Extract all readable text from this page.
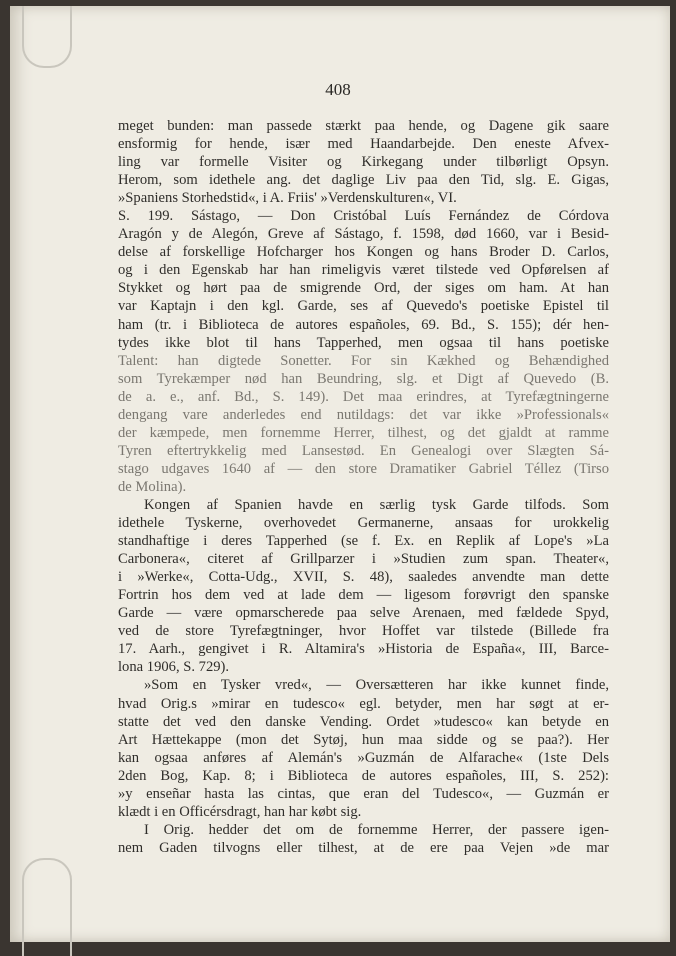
408
meget bunden: man passede stærkt paa hende, og Dagene gik saare
ensformig for hende, især med Haandarbejde. Den eneste Afvex-
ling var formelle Visiter og Kirkegang under tilbørligt Opsyn.
Herom, som idethele ang. det daglige Liv paa den Tid, slg. E. Gigas,
»Spaniens Storhedstid«, i A. Friis' »Verdenskulturen«, VI.
S. 199. Sástago, — Don Cristóbal Luís Fernández de Córdova
Aragón y de Alegón, Greve af Sástago, f. 1598, død 1660, var i Besid-
delse af forskellige Hofcharger hos Kongen og hans Broder D. Carlos,
og i den Egenskab har han rimeligvis været tilstede ved Opførelsen af
Stykket og hørt paa de smigrende Ord, der siges om ham. At han
var Kaptajn i den kgl. Garde, ses af Quevedo's poetiske Epistel til
ham (tr. i Biblioteca de autores españoles, 69. Bd., S. 155); dér hen-
tydes ikke blot til hans Tapperhed, men ogsaa til hans poetiske
Talent: han digtede Sonetter. For sin Kækhed og Behændighed
som Tyrekæmper nød han Beundring, slg. et Digt af Quevedo (B.
de a. e., anf. Bd., S. 149). Det maa erindres, at Tyrefægtningerne
dengang vare anderledes end nutildags: det var ikke »Professionals«
der kæmpede, men fornemme Herrer, tilhest, og det gjaldt at ramme
Tyren eftertrykkelig med Lansestød. En Genealogi over Slægten Sá-
stago udgaves 1640 af — den store Dramatiker Gabriel Téllez (Tirso
de Molina).
Kongen af Spanien havde en særlig tysk Garde tilfods. Som
idethele Tyskerne, overhovedet Germanerne, ansaas for urokkelig
standhaftige i deres Tapperhed (se f. Ex. en Replik af Lope's »La
Carbonera«, citeret af Grillparzer i »Studien zum span. Theater«,
i »Werke«, Cotta-Udg., XVII, S. 48), saaledes anvendte man dette
Fortrin hos dem ved at lade dem — ligesom forøvrigt den spanske
Garde — være opmarscherede paa selve Arenaen, med fældede Spyd,
ved de store Tyrefægtninger, hvor Hoffet var tilstede (Billede fra
17. Aarh., gengivet i R. Altamira's »Historia de España«, III, Barce-
lona 1906, S. 729).
»Som en Tysker vred«, — Oversætteren har ikke kunnet finde,
hvad Orig.s »mirar en tudesco« egl. betyder, men har søgt at er-
statte det ved den danske Vending. Ordet »tudesco« kan betyde en
Art Hættekappe (mon det Sytøj, hun maa sidde og se paa?). Her
kan ogsaa anføres af Alemán's »Guzmán de Alfarache« (1ste Dels
2den Bog, Kap. 8; i Biblioteca de autores españoles, III, S. 252):
»y enseñar hasta las cintas, que eran del Tudesco«, — Guzmán er
klædt i en Officérsdragt, han har købt sig.
I Orig. hedder det om de fornemme Herrer, der passere igen-
nem Gaden tilvogns eller tilhest, at de ere paa Vejen »de mar
